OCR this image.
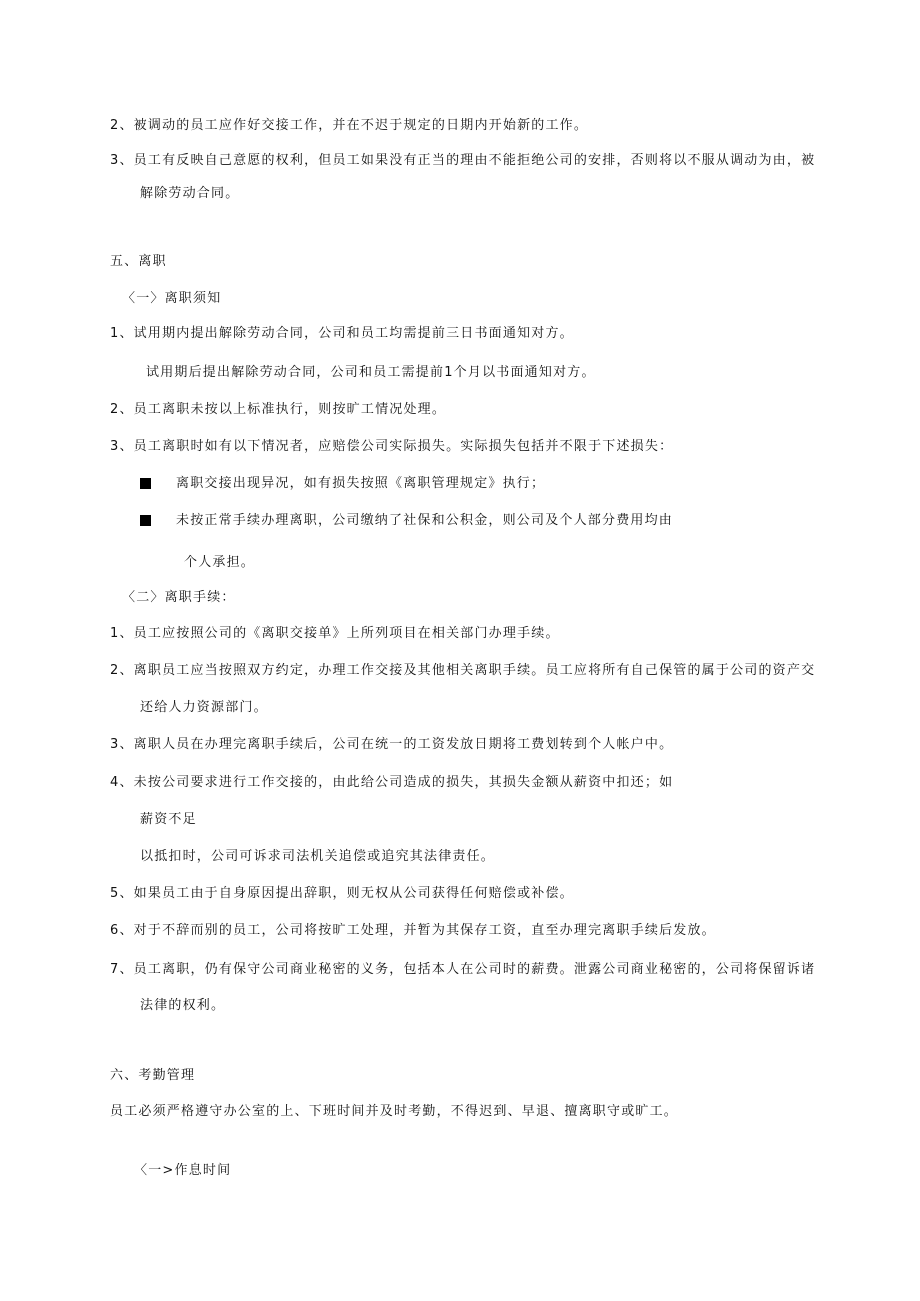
2、被调动的员工应作好交接工作，并在不迟于规定的日期内开始新的工作。
3、员工有反映自己意愿的权利，但员工如果没有正当的理由不能拒绝公司的安排，否则将以不服从调动为由，被
解除劳动合同。
五、离职
〈一〉离职须知
1、试用期内提出解除劳动合同，公司和员工均需提前三日书面通知对方。
试用期后提出解除劳动合同，公司和员工需提前1个月以书面通知对方。
2、员工离职未按以上标准执行，则按旷工情况处理。
3、员工离职时如有以下情况者，应赔偿公司实际损失。实际损失包括并不限于下述损失：
离职交接出现异况，如有损失按照《离职管理规定》执行；
未按正常手续办理离职，公司缴纳了社保和公积金，则公司及个人部分费用均由
个人承担。
〈二〉离职手续：
1、员工应按照公司的《离职交接单》上所列项目在相关部门办理手续。
2、离职员工应当按照双方约定，办理工作交接及其他相关离职手续。员工应将所有自己保管的属于公司的资产交
还给人力资源部门。
3、离职人员在办理完离职手续后，公司在统一的工资发放日期将工费划转到个人帐户中。
4、未按公司要求进行工作交接的，由此给公司造成的损失，其损失金额从薪资中扣还；如
薪资不足
以抵扣时，公司可诉求司法机关追偿或追究其法律责任。
5、如果员工由于自身原因提出辞职，则无权从公司获得任何赔偿或补偿。
6、对于不辞而别的员工，公司将按旷工处理，并暂为其保存工资，直至办理完离职手续后发放。
7、员工离职，仍有保守公司商业秘密的义务，包括本人在公司时的薪费。泄露公司商业秘密的，公司将保留诉诸
法律的权利。
六、考勤管理
员工必须严格遵守办公室的上、下班时间并及时考勤，不得迟到、早退、擅离职守或旷工。
〈一>作息时间
